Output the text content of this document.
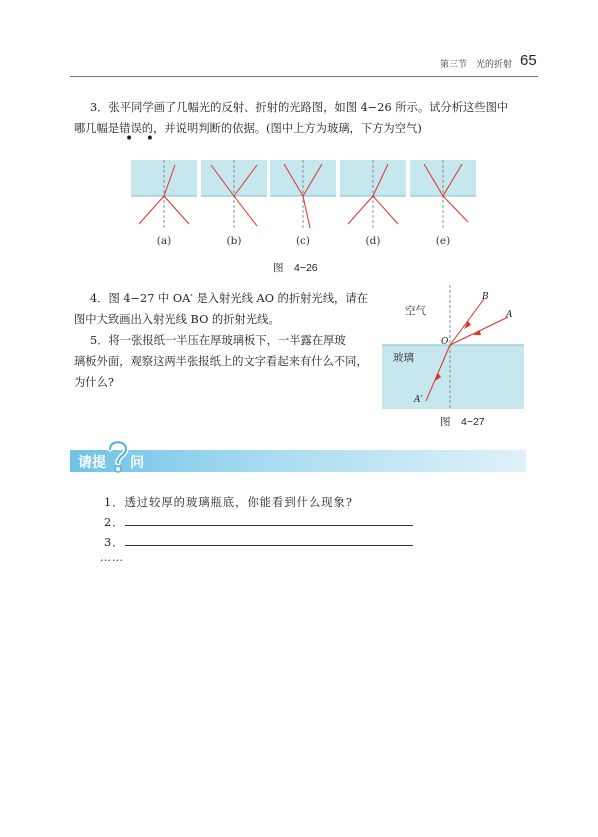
第三节　光的折射 65
3．张平同学画了几幅光的反射、折射的光路图，如图 4−26 所示。试分析这些图中
哪几幅是错误的，并说明判断的依据。(图中上方为玻璃，下方为空气)
• •
(a)	(b)	(c)	(d)	(e)
图　4−26
4．图 4−27 中 OA′ 是入射光线 AO 的折射光线，请在
图中大致画出入射光线 BO 的折射光线。
5．将一张报纸一半压在厚玻璃板下，一半露在厚玻
璃板外面，观察这两半张报纸上的文字看起来有什么不同，
为什么?
空气
玻璃
B
A
O
A′
图　4−27
请提 问
1．透过较厚的玻璃瓶底，你能看到什么现象?
2．
3．
……
